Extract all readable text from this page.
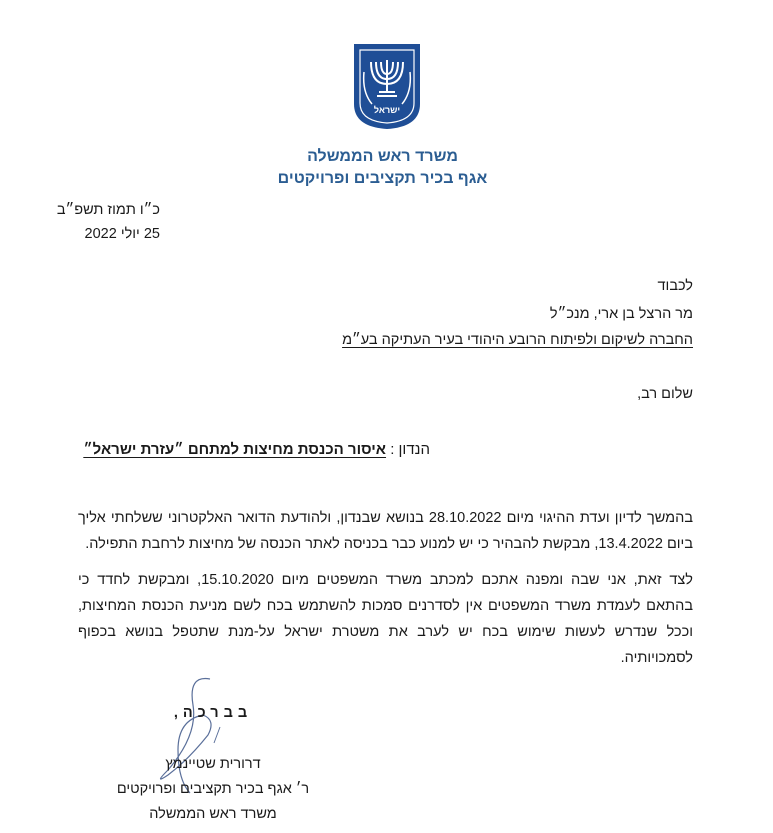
ישראל
משרד ראש הממשלה
אגף בכיר תקציבים ופרויקטים
כ״ו תמוז תשפ״ב
25 יולי 2022
לכבוד
מר הרצל בן ארי, מנכ״ל
החברה לשיקום ולפיתוח הרובע היהודי בעיר העתיקה בע״מ
שלום רב,
הנדון : איסור הכנסת מחיצות למתחם ״עזרת ישראל״

בהמשך לדיון ועדת ההיגוי מיום 28.10.2022 בנושא שבנדון, ולהודעת הדואר האלקטרוני ששלחתי אליך ביום 13.4.2022, מבקשת להבהיר כי יש למנוע כבר בכניסה לאתר הכנסה של מחיצות לרחבת התפילה.

לצד זאת, אני שבה ומפנה אתכם למכתב משרד המשפטים מיום 15.10.2020, ומבקשת לחדד כי בהתאם לעמדת משרד המשפטים אין לסדרנים סמכות להשתמש בכח לשם מניעת הכנסת המחיצות, וככל שנדרש לעשות שימוש בכח יש לערב את משטרת ישראל על-מנת שתטפל בנושא בכפוף לסמכויותיה.

בברכה,
דרורית שטיינמץ
ר׳ אגף בכיר תקציבים ופרויקטים
משרד ראש הממשלה
